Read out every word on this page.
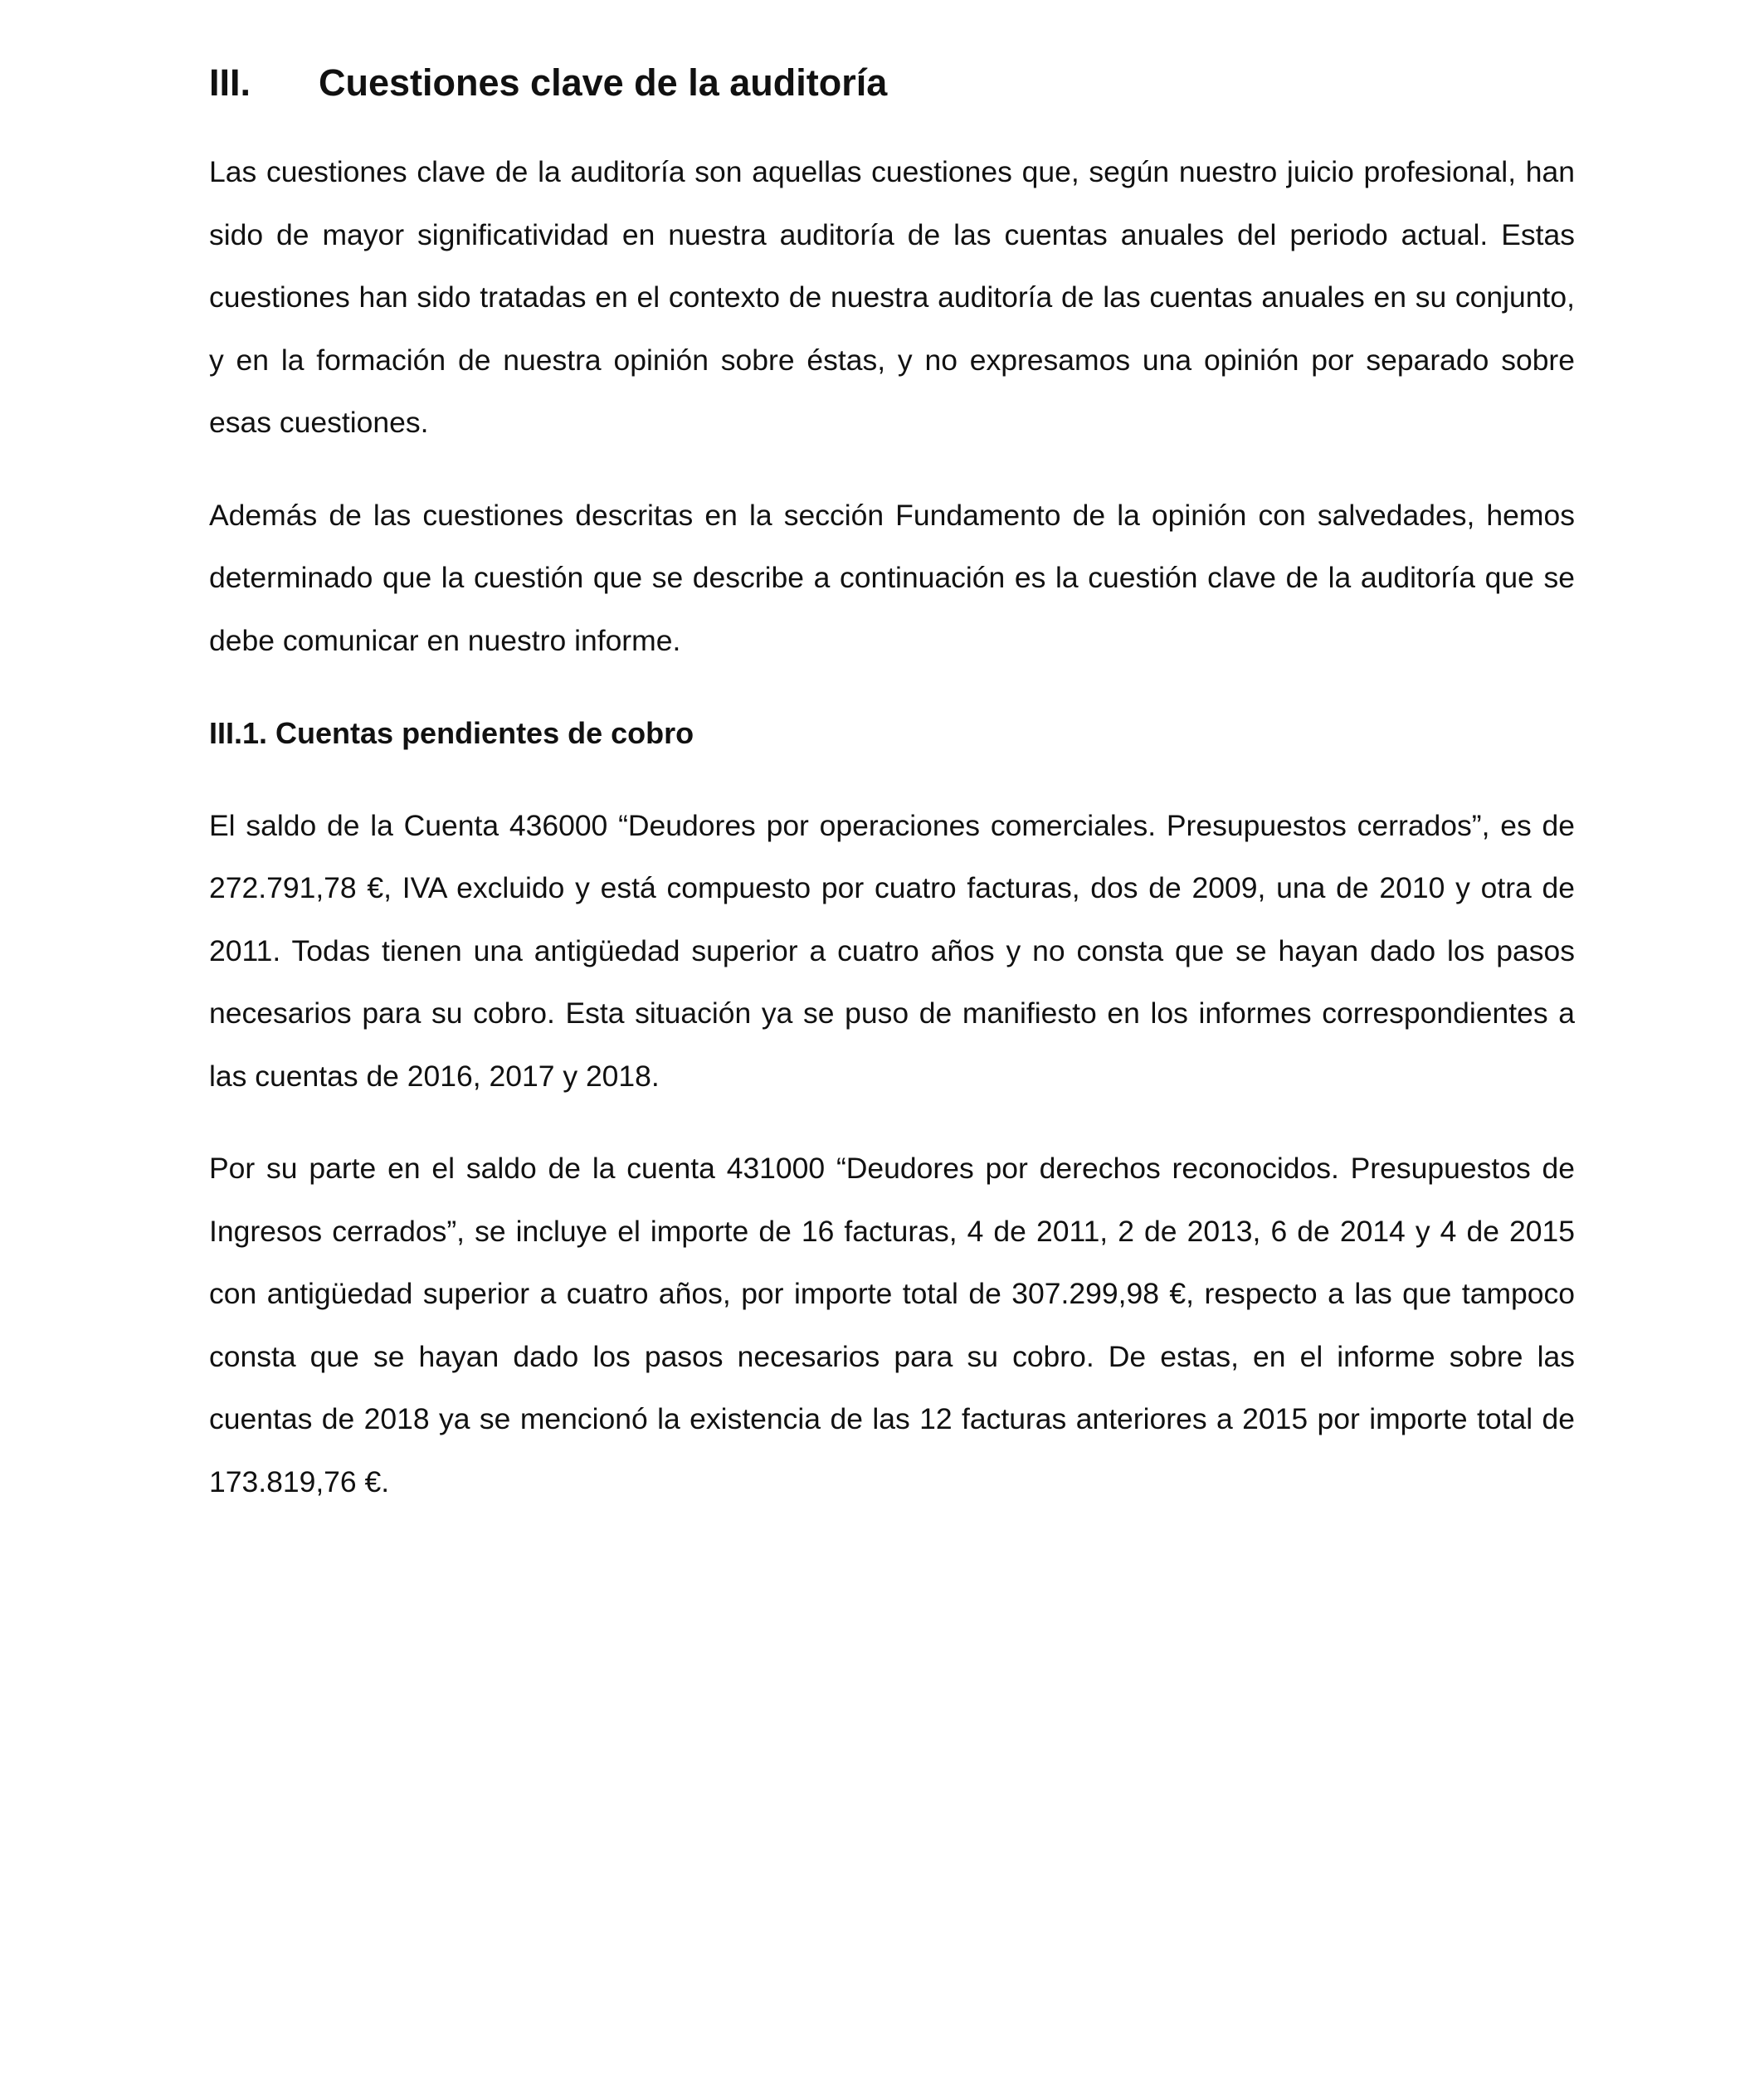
III.	Cuestiones clave de la auditoría

Las cuestiones clave de la auditoría son aquellas cuestiones que, según nuestro juicio profesional, han sido de mayor significatividad en nuestra auditoría de las cuentas anuales del periodo actual. Estas cuestiones han sido tratadas en el contexto de nuestra auditoría de las cuentas anuales en su conjunto, y en la formación de nuestra opinión sobre éstas, y no expresamos una opinión por separado sobre esas cuestiones.

Además de las cuestiones descritas en la sección Fundamento de la opinión con salvedades, hemos determinado que la cuestión que se describe a continuación es la cuestión clave de la auditoría que se debe comunicar en nuestro informe.

III.1. Cuentas pendientes de cobro

El saldo de la Cuenta 436000 “Deudores por operaciones comerciales. Presupuestos cerrados”, es de 272.791,78 €, IVA excluido y está compuesto por cuatro facturas, dos de 2009, una de 2010 y otra de 2011. Todas tienen una antigüedad superior a cuatro años y no consta que se hayan dado los pasos necesarios para su cobro. Esta situación ya se puso de manifiesto en los informes correspondientes a las cuentas de 2016, 2017 y 2018.

Por su parte en el saldo de la cuenta 431000 “Deudores por derechos reconocidos. Presupuestos de Ingresos cerrados”, se incluye el importe de 16 facturas, 4 de 2011, 2 de 2013, 6 de 2014 y 4 de 2015 con antigüedad superior a cuatro años, por importe total de 307.299,98 €, respecto a las que tampoco consta que se hayan dado los pasos necesarios para su cobro. De estas, en el informe sobre las cuentas de 2018 ya se mencionó la existencia de las 12 facturas anteriores a 2015 por importe total de 173.819,76 €.
